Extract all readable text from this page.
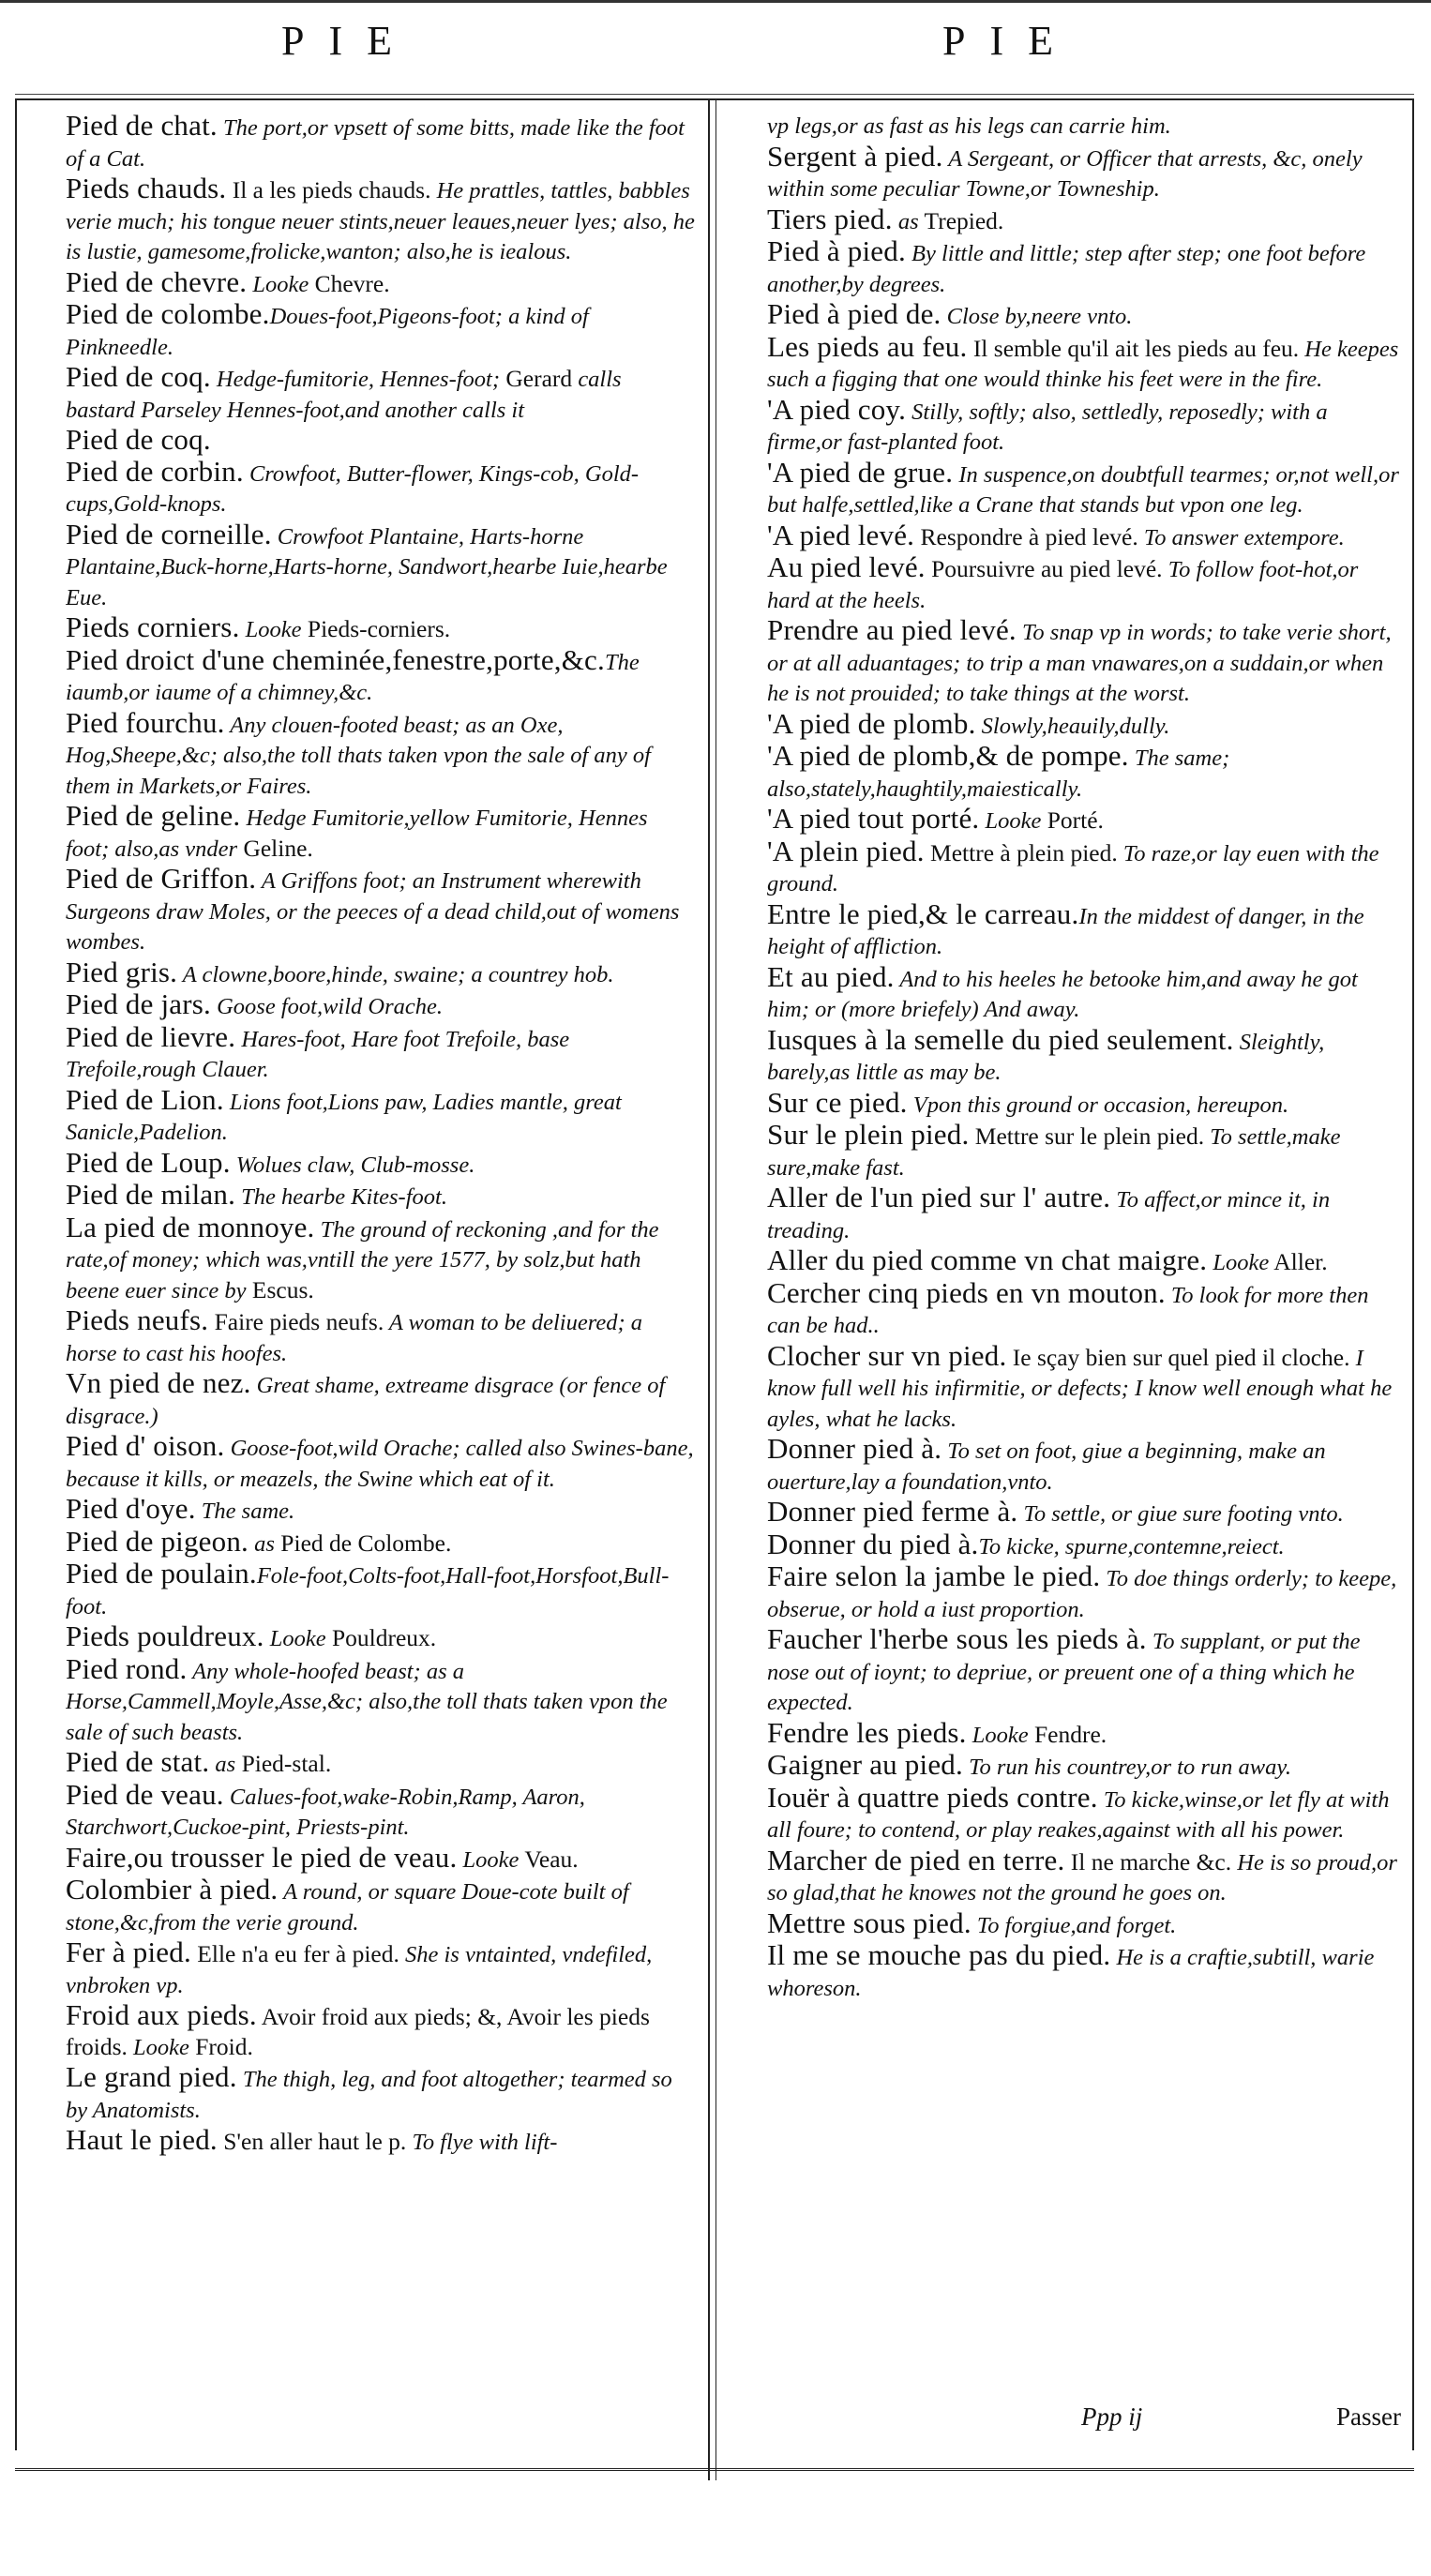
PIE	PIE

Pied de chat. The port,or vpsett of some bitts, made like the foot of a Cat.

Pieds chauds. Il a les pieds chauds. He prattles, tattles, babbles verie much; his tongue neuer stints,neuer leaues,neuer lyes; also, he is lustie, gamesome,frolicke,wanton; also,he is iealous.

Pied de chevre. Looke Chevre.

Pied de colombe.Doues-foot,Pigeons-foot; a kind of Pinkneedle.

Pied de coq. Hedge-fumitorie, Hennes-foot; Gerard calls bastard Parseley Hennes-foot,and another calls it

Pied de coq.

Pied de corbin. Crowfoot, Butter-flower, Kings-cob, Gold-cups,Gold-knops.

Pied de corneille. Crowfoot Plantaine, Harts-horne Plantaine,Buck-horne,Harts-horne, Sandwort,hearbe Iuie,hearbe Eue.

Pieds corniers. Looke Pieds-corniers.

Pied droict d'une cheminée,fenestre,porte,&c.The iaumb,or iaume of a chimney,&c.

Pied fourchu. Any clouen-footed beast; as an Oxe, Hog,Sheepe,&c; also,the toll thats taken vpon the sale of any of them in Markets,or Faires.

Pied de geline. Hedge Fumitorie,yellow Fumitorie, Hennes foot; also,as vnder Geline.

Pied de Griffon. A Griffons foot; an Instrument wherewith Surgeons draw Moles, or the peeces of a dead child,out of womens wombes.

Pied gris. A clowne,boore,hinde, swaine; a countrey hob.

Pied de jars. Goose foot,wild Orache.

Pied de lievre. Hares-foot, Hare foot Trefoile, base Trefoile,rough Clauer.

Pied de Lion. Lions foot,Lions paw, Ladies mantle, great Sanicle,Padelion.

Pied de Loup. Wolues claw, Club-mosse.

Pied de milan. The hearbe Kites-foot.

La pied de monnoye. The ground of reckoning ,and for the rate,of money; which was,vntill the yere 1577, by solz,but hath beene euer since by Escus.

Pieds neufs. Faire pieds neufs. A woman to be deliuered; a horse to cast his hoofes.

Vn pied de nez. Great shame, extreame disgrace (or fence of disgrace.)

Pied d' oison. Goose-foot,wild Orache; called also Swines-bane, because it kills, or meazels, the Swine which eat of it.

Pied d'oye. The same.

Pied de pigeon. as Pied de Colombe.

Pied de poulain.Fole-foot,Colts-foot,Hall-foot,Horsfoot,Bull-foot.

Pieds pouldreux. Looke Pouldreux.

Pied rond. Any whole-hoofed beast; as a Horse,Cammell,Moyle,Asse,&c; also,the toll thats taken vpon the sale of such beasts.

Pied de stat. as Pied-stal.

Pied de veau. Calues-foot,wake-Robin,Ramp, Aaron, Starchwort,Cuckoe-pint, Priests-pint.

Faire,ou trousser le pied de veau. Looke Veau.

Colombier à pied. A round, or square Doue-cote built of stone,&c,from the verie ground.

Fer à pied. Elle n'a eu fer à pied. She is vntainted, vndefiled, vnbroken vp.

Froid aux pieds. Avoir froid aux pieds; &, Avoir les pieds froids. Looke Froid.

Le grand pied. The thigh, leg, and foot altogether; tearmed so by Anatomists.

Haut le pied. S'en aller haut le p. To flye with lift-

vp legs,or as fast as his legs can carrie him.

Sergent à pied. A Sergeant, or Officer that arrests, &c, onely within some peculiar Towne,or Towneship.

Tiers pied. as Trepied.

Pied à pied. By little and little; step after step; one foot before another,by degrees.

Pied à pied de. Close by,neere vnto.

Les pieds au feu. Il semble qu'il ait les pieds au feu. He keepes such a figging that one would thinke his feet were in the fire.

'A pied coy. Stilly, softly; also, settledly, reposedly; with a firme,or fast-planted foot.

'A pied de grue. In suspence,on doubtfull tearmes; or,not well,or but halfe,settled,like a Crane that stands but vpon one leg.

'A pied levé. Respondre à pied levé. To answer extempore.

Au pied levé. Poursuivre au pied levé. To follow foot-hot,or hard at the heels.

Prendre au pied levé. To snap vp in words; to take verie short, or at all aduantages; to trip a man vnawares,on a suddain,or when he is not prouided; to take things at the worst.

'A pied de plomb. Slowly,heauily,dully.

'A pied de plomb,& de pompe. The same; also,stately,haughtily,maiestically.

'A pied tout porté. Looke Porté.

'A plein pied. Mettre à plein pied. To raze,or lay euen with the ground.

Entre le pied,& le carreau.In the middest of danger, in the height of affliction.

Et au pied. And to his heeles he betooke him,and away he got him; or (more briefely) And away.

Iusques à la semelle du pied seulement. Sleightly, barely,as little as may be.

Sur ce pied. Vpon this ground or occasion, hereupon.

Sur le plein pied. Mettre sur le plein pied. To settle,make sure,make fast.

Aller de l'un pied sur l' autre. To affect,or mince it, in treading.

Aller du pied comme vn chat maigre. Looke Aller.

Cercher cinq pieds en vn mouton. To look for more then can be had..

Clocher sur vn pied. Ie sçay bien sur quel pied il cloche. I know full well his infirmitie, or defects; I know well enough what he ayles, what he lacks.

Donner pied à. To set on foot, giue a beginning, make an ouerture,lay a foundation,vnto.

Donner pied ferme à. To settle, or giue sure footing vnto.

Donner du pied à.To kicke, spurne,contemne,reiect.

Faire selon la jambe le pied. To doe things orderly; to keepe, obserue, or hold a iust proportion.

Faucher l'herbe sous les pieds à. To supplant, or put the nose out of ioynt; to depriue, or preuent one of a thing which he expected.

Fendre les pieds. Looke Fendre.

Gaigner au pied. To run his countrey,or to run away.

Iouër à quattre pieds contre. To kicke,winse,or let fly at with all foure; to contend, or play reakes,against with all his power.

Marcher de pied en terre. Il ne marche &c. He is so proud,or so glad,that he knowes not the ground he goes on.

Mettre sous pied. To forgiue,and forget.

Il me se mouche pas du pied. He is a craftie,subtill, warie whoreson.

Ppp ij	Passer
